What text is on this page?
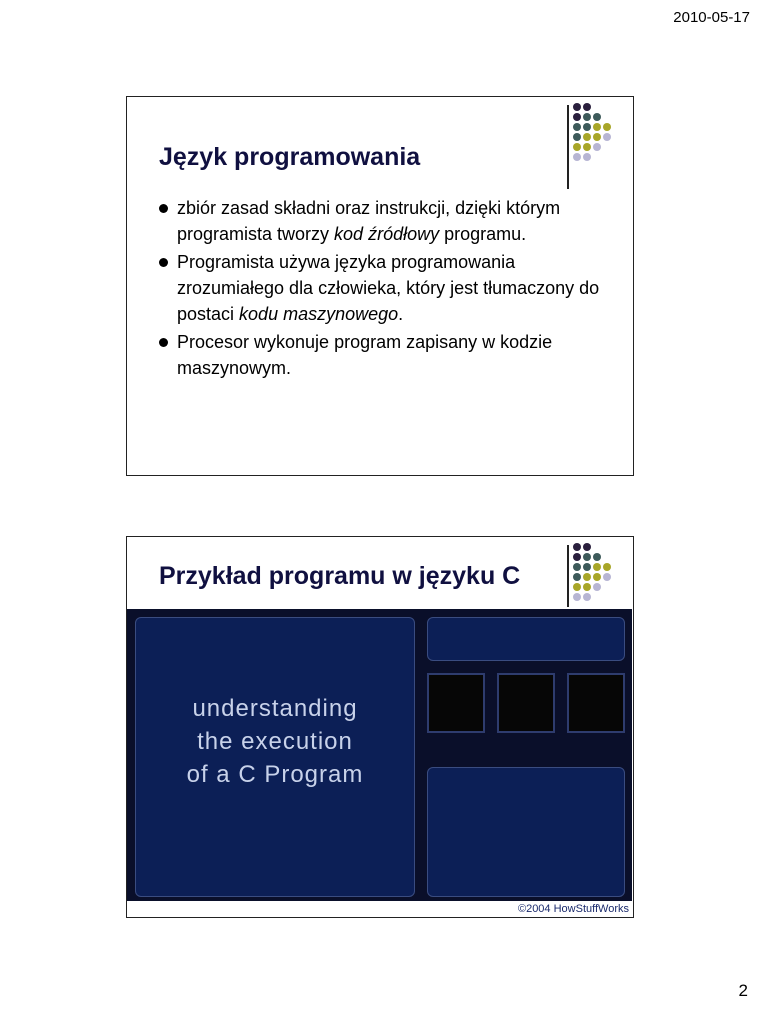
2010-05-17
Język programowania
zbiór zasad składni oraz instrukcji, dzięki którym programista tworzy kod źródłowy programu.
Programista używa języka programowania zrozumiałego dla człowieka, który jest tłumaczony do postaci kodu maszynowego.
Procesor wykonuje program zapisany w kodzie maszynowym.
Przykład programu w języku C
understanding
the execution
of a C Program
©2004 HowStuffWorks
2
